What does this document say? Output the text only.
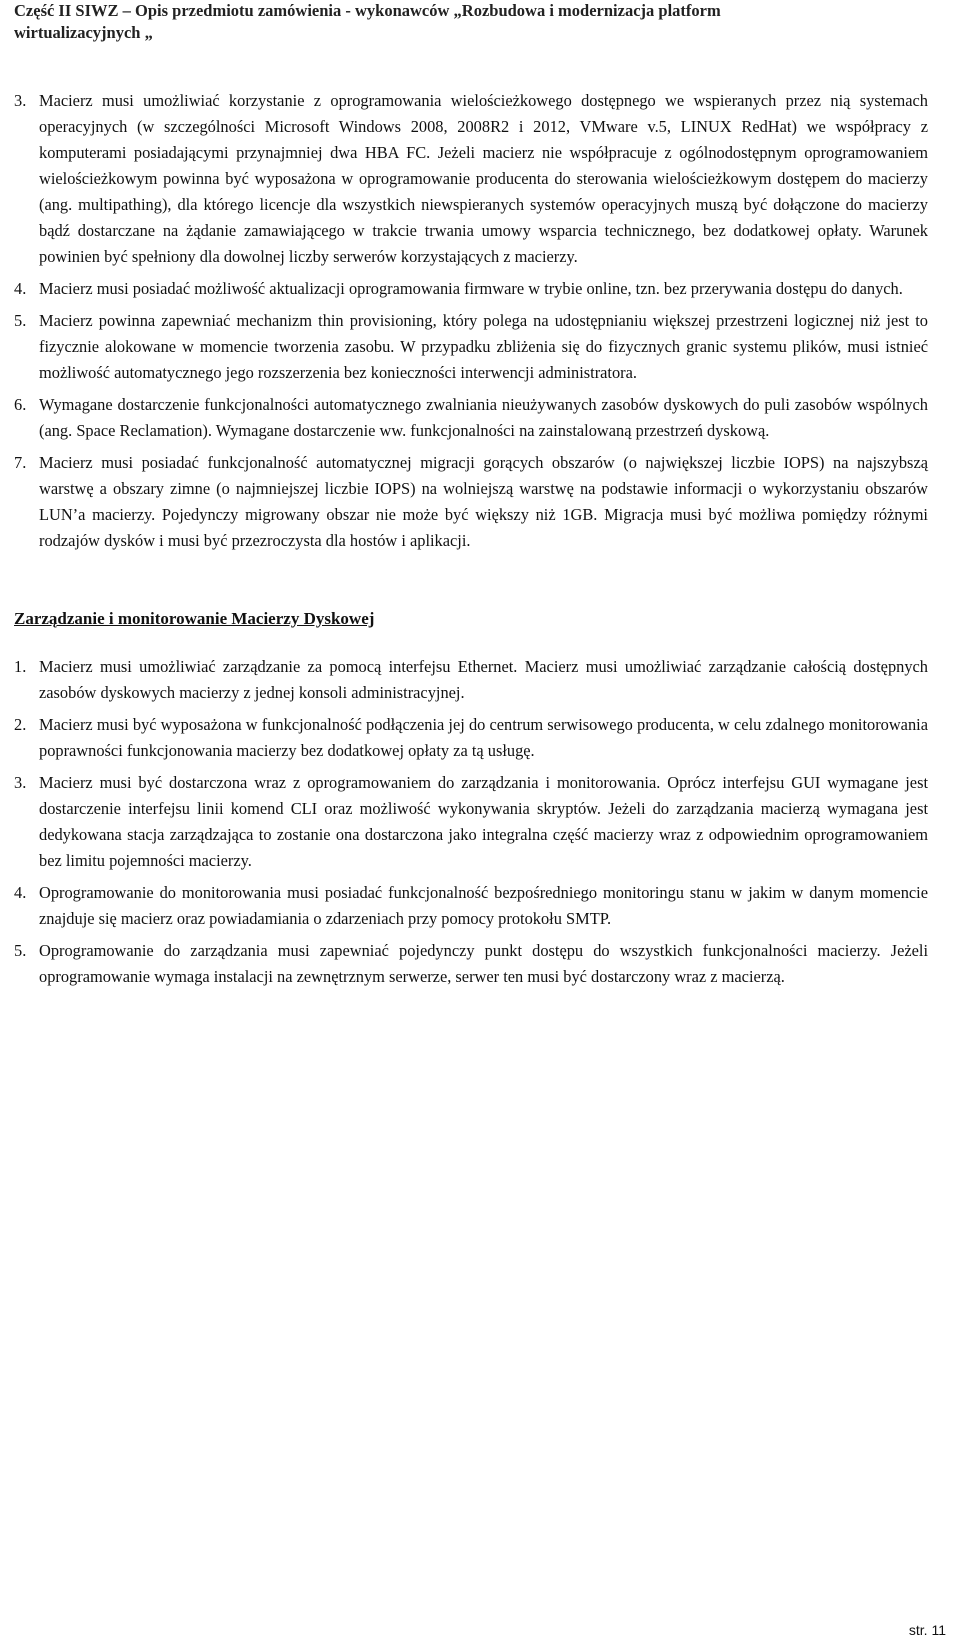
Część II SIWZ – Opis przedmiotu zamówienia - wykonawców „Rozbudowa i modernizacja platform
wirtualizacyjnych „
3. Macierz musi umożliwiać korzystanie z oprogramowania wielościeżkowego dostępnego we wspieranych przez nią systemach operacyjnych (w szczególności Microsoft Windows 2008, 2008R2 i 2012, VMware v.5, LINUX RedHat) we współpracy z komputerami posiadającymi przynajmniej dwa HBA FC. Jeżeli macierz nie współpracuje z ogólnodostępnym oprogramowaniem wielościeżkowym powinna być wyposażona w oprogramowanie producenta do sterowania wielościeżkowym dostępem do macierzy (ang. multipathing), dla którego licencje dla wszystkich niewspieranych systemów operacyjnych muszą być dołączone do macierzy bądź dostarczane na żądanie zamawiającego w trakcie trwania umowy wsparcia technicznego, bez dodatkowej opłaty. Warunek powinien być spełniony dla dowolnej liczby serwerów korzystających z macierzy.
4. Macierz musi posiadać możliwość aktualizacji oprogramowania firmware w trybie online, tzn. bez przerywania dostępu do danych.
5. Macierz powinna zapewniać mechanizm thin provisioning, który polega na udostępnianiu większej przestrzeni logicznej niż jest to fizycznie alokowane w momencie tworzenia zasobu. W przypadku zbliżenia się do fizycznych granic systemu plików, musi istnieć możliwość automatycznego jego rozszerzenia bez konieczności interwencji administratora.
6. Wymagane dostarczenie funkcjonalności automatycznego zwalniania nieużywanych zasobów dyskowych do puli zasobów wspólnych (ang. Space Reclamation). Wymagane dostarczenie ww. funkcjonalności na zainstalowaną przestrzeń dyskową.
7. Macierz musi posiadać funkcjonalność automatycznej migracji gorących obszarów (o największej liczbie IOPS) na najszybszą warstwę a obszary zimne (o najmniejszej liczbie IOPS) na wolniejszą warstwę na podstawie informacji o wykorzystaniu obszarów LUN’a macierzy. Pojedynczy migrowany obszar nie może być większy niż 1GB. Migracja musi być możliwa pomiędzy różnymi rodzajów dysków i musi być przezroczysta dla hostów i aplikacji.
Zarządzanie i monitorowanie Macierzy Dyskowej
1. Macierz musi umożliwiać zarządzanie za pomocą interfejsu Ethernet. Macierz musi umożliwiać zarządzanie całością dostępnych zasobów dyskowych macierzy z jednej konsoli administracyjnej.
2. Macierz musi być wyposażona w funkcjonalność podłączenia jej do centrum serwisowego producenta, w celu zdalnego monitorowania poprawności funkcjonowania macierzy bez dodatkowej opłaty za tą usługę.
3. Macierz musi być dostarczona wraz z oprogramowaniem do zarządzania i monitorowania. Oprócz interfejsu GUI wymagane jest dostarczenie interfejsu linii komend CLI oraz możliwość wykonywania skryptów. Jeżeli do zarządzania macierzą wymagana jest dedykowana stacja zarządzająca to zostanie ona dostarczona jako integralna część macierzy wraz z odpowiednim oprogramowaniem bez limitu pojemności macierzy.
4. Oprogramowanie do monitorowania musi posiadać funkcjonalność bezpośredniego monitoringu stanu w jakim w danym momencie znajduje się macierz oraz powiadamiania o zdarzeniach przy pomocy protokołu SMTP.
5. Oprogramowanie do zarządzania musi zapewniać pojedynczy punkt dostępu do wszystkich funkcjonalności macierzy. Jeżeli oprogramowanie wymaga instalacji na zewnętrznym serwerze, serwer ten musi być dostarczony wraz z macierzą.
str. 11
